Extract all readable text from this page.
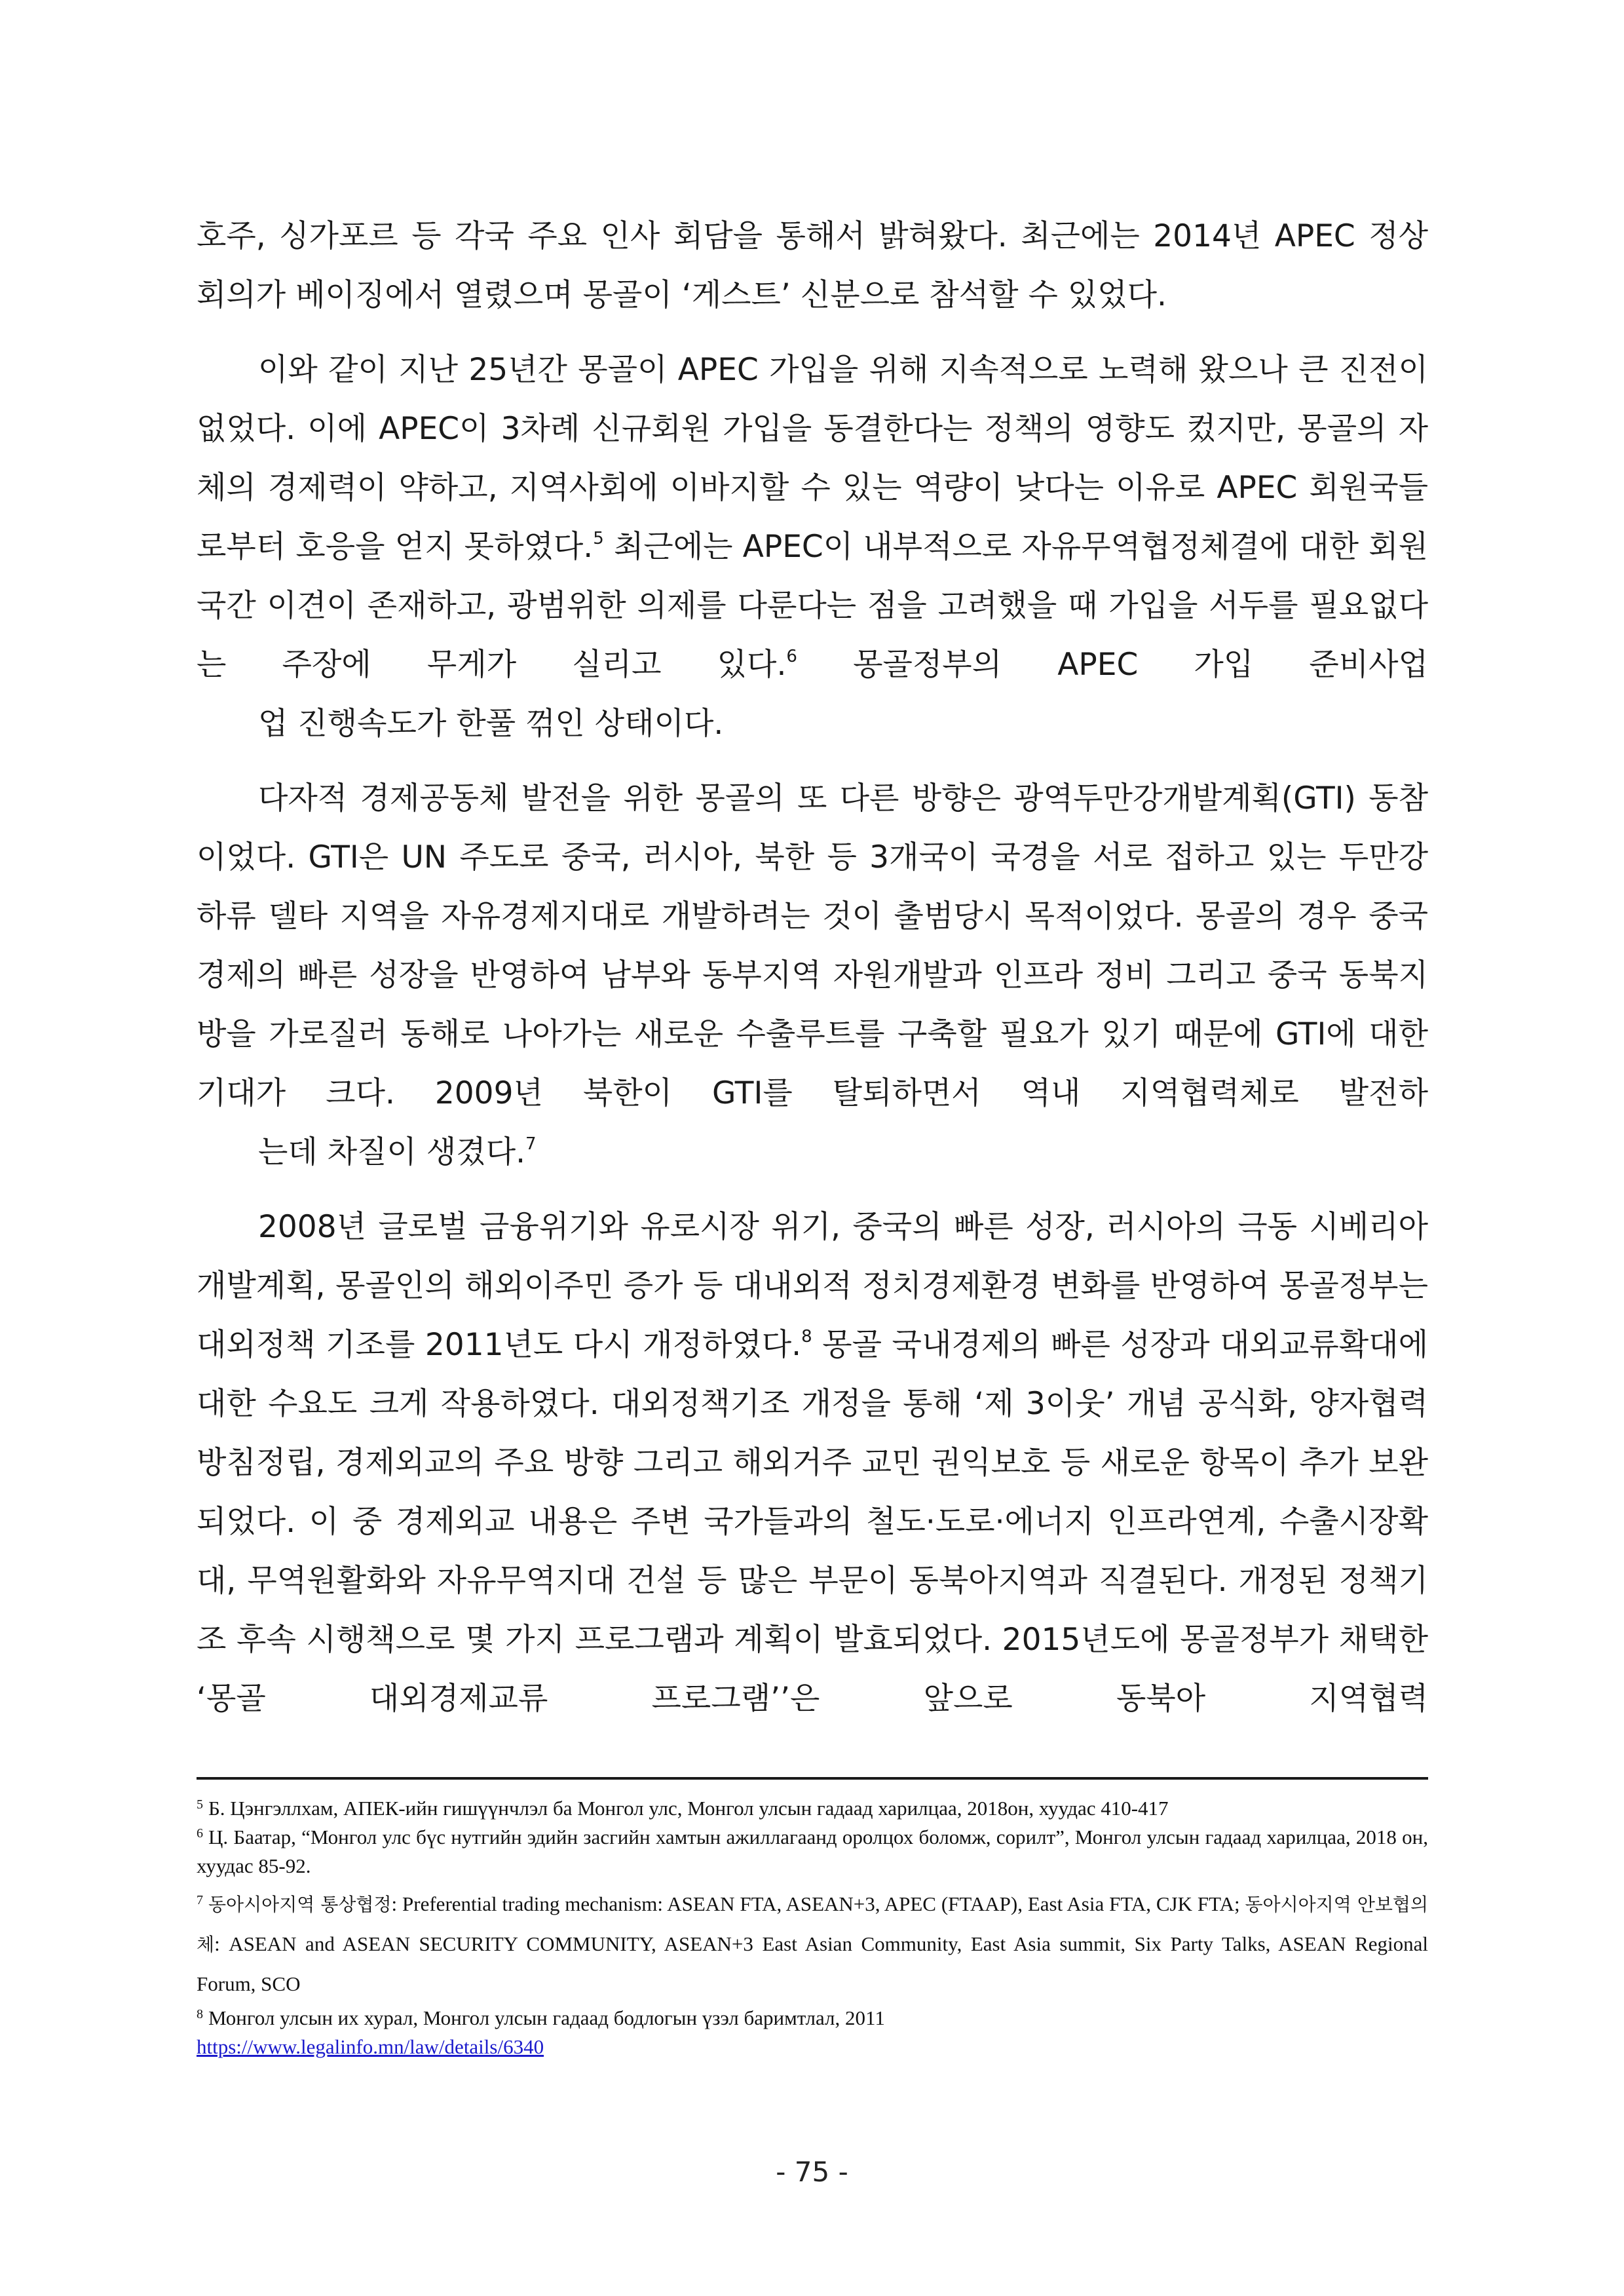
호주, 싱가포르 등 각국 주요 인사 회담을 통해서 밝혀왔다. 최근에는 2014년 APEC 정상
회의가 베이징에서 열렸으며 몽골이 ‘게스트’ 신분으로 참석할 수 있었다.

이와 같이 지난 25년간 몽골이 APEC 가입을 위해 지속적으로 노력해 왔으나 큰 진전이 없었다. 이에 APEC이 3차례 신규회원 가입을 동결한다는 정책의 영향도 컸지만, 몽골의 자체의 경제력이 약하고, 지역사회에 이바지할 수 있는 역량이 낮다는 이유로 APEC 회원국들로부터 호응을 얻지 못하였다.$^5$ 최근에는 APEC이 내부적으로 자유무역협정체결에 대한 회원국간 이견이 존재하고, 광범위한 의제를 다룬다는 점을 고려했을 때 가입을 서두를 필요없다는 주장에 무게가 실리고 있다.$^6$ 몽골정부의 APEC 가입 준비사업
업 진행속도가 한풀 꺾인 상태이다.

다자적 경제공동체 발전을 위한 몽골의 또 다른 방향은 광역두만강개발계획(GTI) 동참이었다. GTI은 UN 주도로 중국, 러시아, 북한 등 3개국이 국경을 서로 접하고 있는 두만강 하류 델타 지역을 자유경제지대로 개발하려는 것이 출범당시 목적이었다. 몽골의 경우 중국경제의 빠른 성장을 반영하여 남부와 동부지역 자원개발과 인프라 정비 그리고 중국 동북지방을 가로질러 동해로 나아가는 새로운 수출루트를 구축할 필요가 있기 때문에 GTI에 대한 기대가 크다. 2009년 북한이 GTI를 탈퇴하면서 역내 지역협력체로 발전하
는데 차질이 생겼다.$^7$

2008년 글로벌 금융위기와 유로시장 위기, 중국의 빠른 성장, 러시아의 극동 시베리아 개발계획, 몽골인의 해외이주민 증가 등 대내외적 정치경제환경 변화를 반영하여 몽골정부는 대외정책 기조를 2011년도 다시 개정하였다.$^8$ 몽골 국내경제의 빠른 성장과 대외교류확대에 대한 수요도 크게 작용하였다. 대외정책기조 개정을 통해 ‘제 3이웃’ 개념 공식화, 양자협력 방침정립, 경제외교의 주요 방향 그리고 해외거주 교민 권익보호 등 새로운 항목이 추가 보완되었다. 이 중 경제외교 내용은 주변 국가들과의 철도·도로·에너지 인프라연계, 수출시장확대, 무역원활화와 자유무역지대 건설 등 많은 부문이 동북아지역과 직결된다. 개정된 정책기조 후속 시행책으로 몇 가지 프로그램과 계획이 발효되었다. 2015년도에 몽골정부가 채택한 ‘몽골 대외경제교류 프로그램’’은 앞으로 동북아 지역협력

$^5$ Б. Цэнгэллхам, АПЕК-ийн гишүүнчлэл ба Монгол улс, Монгол улсын гадаад харилцаа, 2018он, хуудас 410-417

$^6$ Ц. Баатар, “Монгол улс бүс нутгийн эдийн засгийн хамтын ажиллагаанд оролцох боломж, сорилт”, Монгол улсын гадаад харилцаа, 2018 он, хуудас 85-92.

$^7$ 동아시아지역 통상협정: Preferential trading mechanism: ASEAN FTA, ASEAN+3, APEC (FTAAP), East Asia FTA, CJK FTA; 동아시아지역 안보협의체: ASEAN and ASEAN SECURITY COMMUNITY, ASEAN+3 East Asian Community, East Asia summit, Six Party Talks, ASEAN Regional Forum, SCO

$^8$ Монгол улсын их хурал, Монгол улсын гадаад бодлогын үзэл баримтлал, 2011
https://www.legalinfo.mn/law/details/6340

- 75 -
